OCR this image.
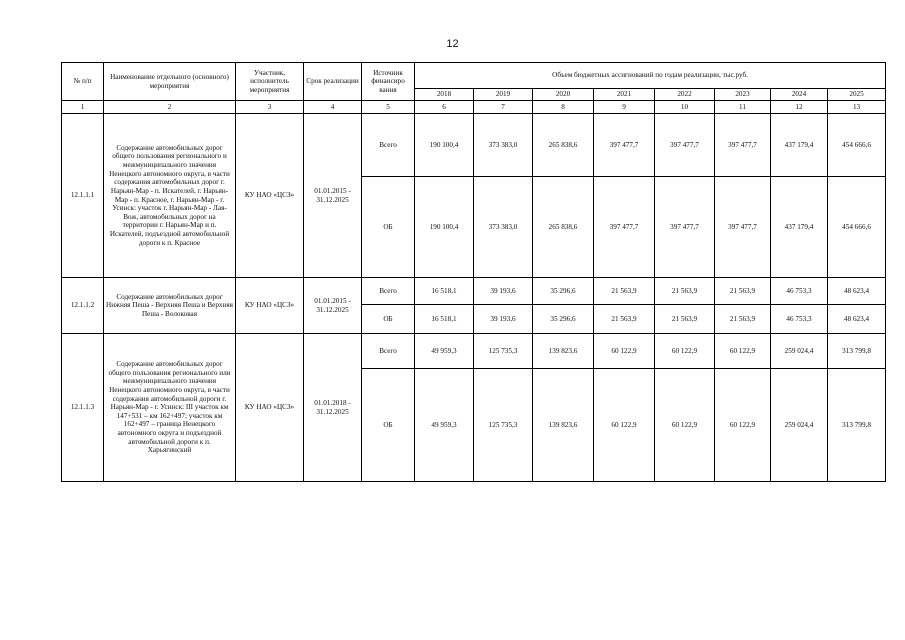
12
№ п/п	Наименование отдельного (основного) мероприятия	Участник, исполнитель мероприятия	Срок реализации	Источник финансиро вания	Объем бюджетных ассигнований по годам реализации, тыс.руб.							
					2018	2019	2020	2021	2022	2023	2024	2025
1	2	3	4	5	6	7	8	9	10	11	12	13
12.1.1.1	Содержание автомобильных дорог общего пользования регионального и межмуниципального значения Ненецкого автономного округа, в части содержания автомобильных дорог г. Нарьян-Мар - п. Искателей, г. Нарьян-Мар - п. Красное, г. Нарьян-Мар - г. Усинск: участок г. Нарьян-Мар - Лая-Вож, автомобильных дорог на территории г. Нарьян-Мар и п. Искателей, подъездной автомобильной дороги к п. Красное	КУ НАО «ЦСЗ»	01.01.2015 - 31.12.2025	Всего	190 100,4	373 383,0	265 838,6	397 477,7	397 477,7	397 477,7	437 179,4	454 666,6
				ОБ	190 100,4	373 383,0	265 838,6	397 477,7	397 477,7	397 477,7	437 179,4	454 666,6
12.1.1.2	Содержание автомобильных дорог Нижняя Пеша - Верхняя Пеша и Верхняя Пеша - Волоковая	КУ НАО «ЦСЗ»	01.01.2015 - 31.12.2025	Всего	16 518,1	39 193,6	35 296,6	21 563,9	21 563,9	21 563,9	46 753,3	48 623,4
				ОБ	16 518,1	39 193,6	35 296,6	21 563,9	21 563,9	21 563,9	46 753,3	48 623,4
12.1.1.3	Содержание автомобильных дорог общего пользования регионального или межмуниципального значения Ненецкого автономного округа, в части содержания автомобильной дороги г. Нарьян-Мар - г. Усинск: III участок км 147+531 – км 162+497; участок км 162+497 – граница Ненецкого автономного округа и подъездной автомобильной дороги к п. Харьягинский	КУ НАО «ЦСЗ»	01.01.2018 - 31.12.2025	Всего	49 959,3	125 735,3	139 823,6	60 122,9	60 122,9	60 122,9	259 024,4	313 799,8
				ОБ	49 959,3	125 735,3	139 823,6	60 122,9	60 122,9	60 122,9	259 024,4	313 799,8
